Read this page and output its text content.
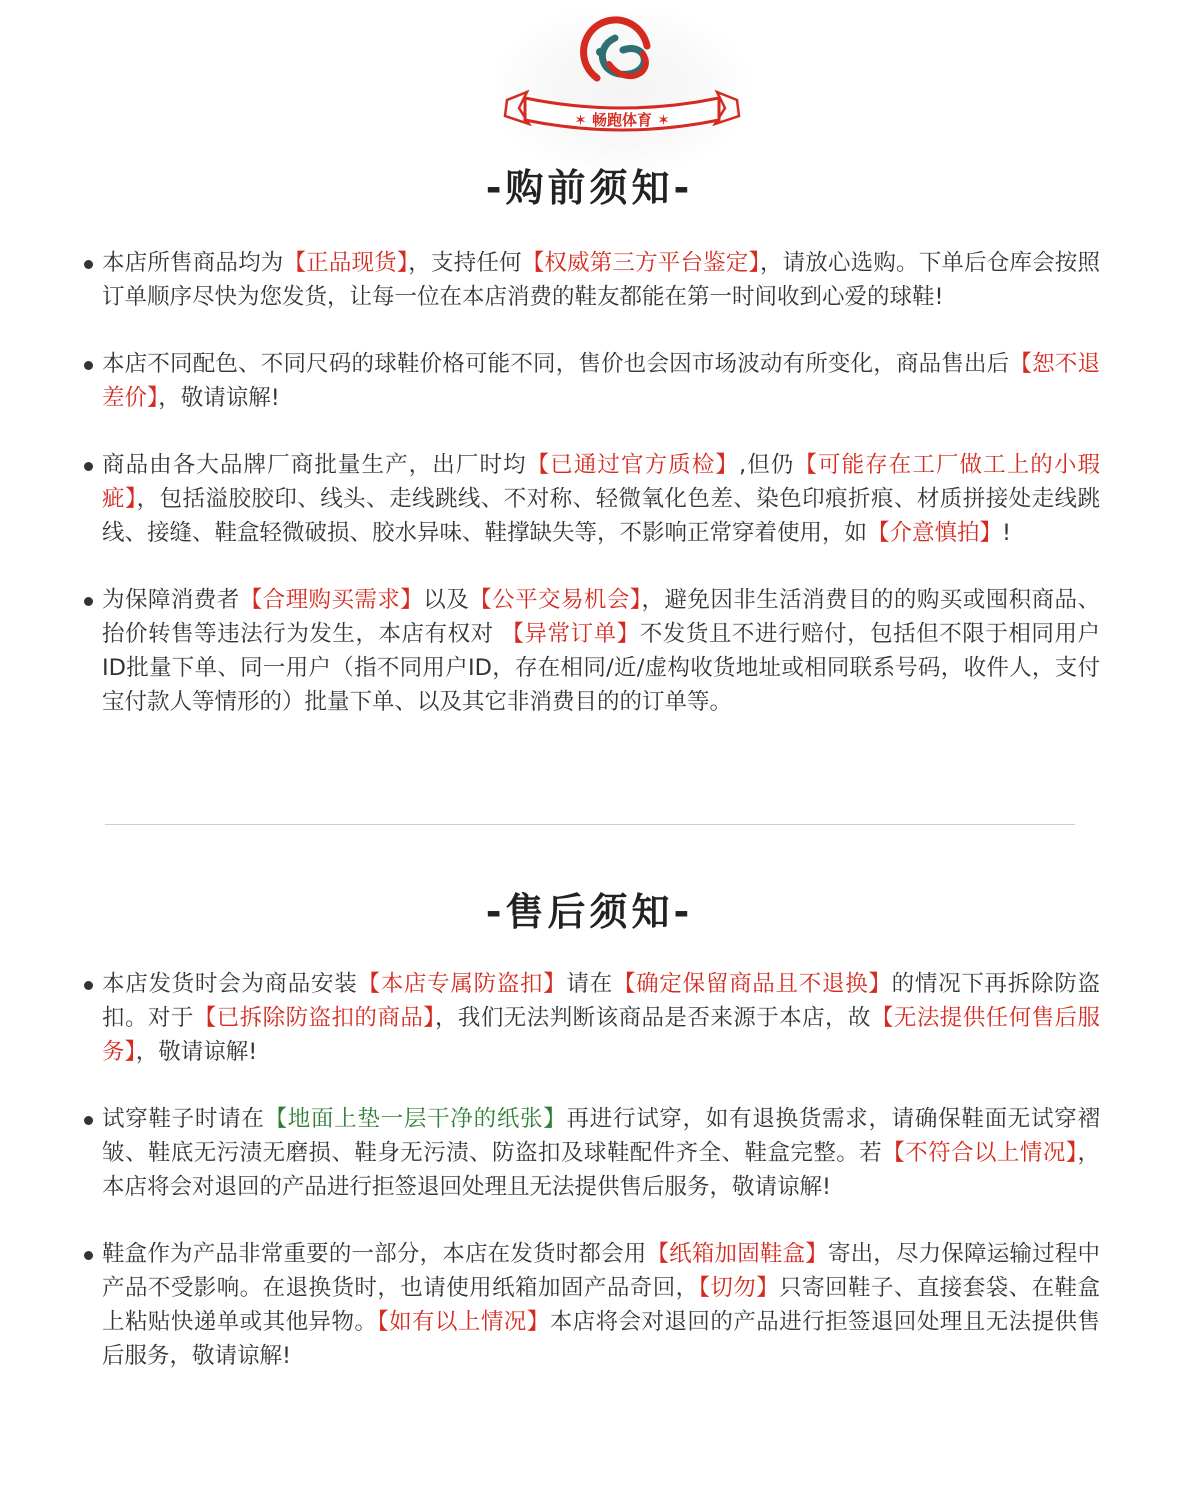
✶ 畅跑体育 ✶
-购前须知-
本店所售商品均为【正品现货】，支持任何【权威第三方平台鉴定】，请放心选购。下单后仓库会按照订单顺序尽快为您发货，让每一位在本店消费的鞋友都能在第一时间收到心爱的球鞋!
本店不同配色、不同尺码的球鞋价格可能不同，售价也会因市场波动有所变化，商品售出后【恕不退差价】，敬请谅解!
商品由各大品牌厂商批量生产，出厂时均【已通过官方质检】,但仍【可能存在工厂做工上的小瑕疵】，包括溢胶胶印、线头、走线跳线、不对称、轻微氧化色差、染色印痕折痕、材质拼接处走线跳线、接缝、鞋盒轻微破损、胶水异味、鞋撑缺失等，不影响正常穿着使用，如【介意慎拍】!
为保障消费者【合理购买需求】以及【公平交易机会】，避免因非生活消费目的的购买或囤积商品、抬价转售等违法行为发生，本店有权对 【异常订单】不发货且不进行赔付，包括但不限于相同用户ID批量下单、同一用户（指不同用户ID，存在相同/近/虚构收货地址或相同联系号码，收件人，支付宝付款人等情形的）批量下单、以及其它非消费目的的订单等。
-售后须知-
本店发货时会为商品安装【本店专属防盗扣】请在【确定保留商品且不退换】的情况下再拆除防盗扣。对于【已拆除防盗扣的商品】，我们无法判断该商品是否来源于本店，故【无法提供任何售后服务】，敬请谅解!
试穿鞋子时请在【地面上垫一层干净的纸张】再进行试穿，如有退换货需求，请确保鞋面无试穿褶皱、鞋底无污渍无磨损、鞋身无污渍、防盗扣及球鞋配件齐全、鞋盒完整。若【不符合以上情况】，本店将会对退回的产品进行拒签退回处理且无法提供售后服务，敬请谅解!
鞋盒作为产品非常重要的一部分，本店在发货时都会用【纸箱加固鞋盒】寄出，尽力保障运输过程中产品不受影响。在退换货时，也请使用纸箱加固产品奇回，【切勿】只寄回鞋子、直接套袋、在鞋盒上粘贴快递单或其他异物。【如有以上情况】本店将会对退回的产品进行拒签退回处理且无法提供售后服务，敬请谅解!
